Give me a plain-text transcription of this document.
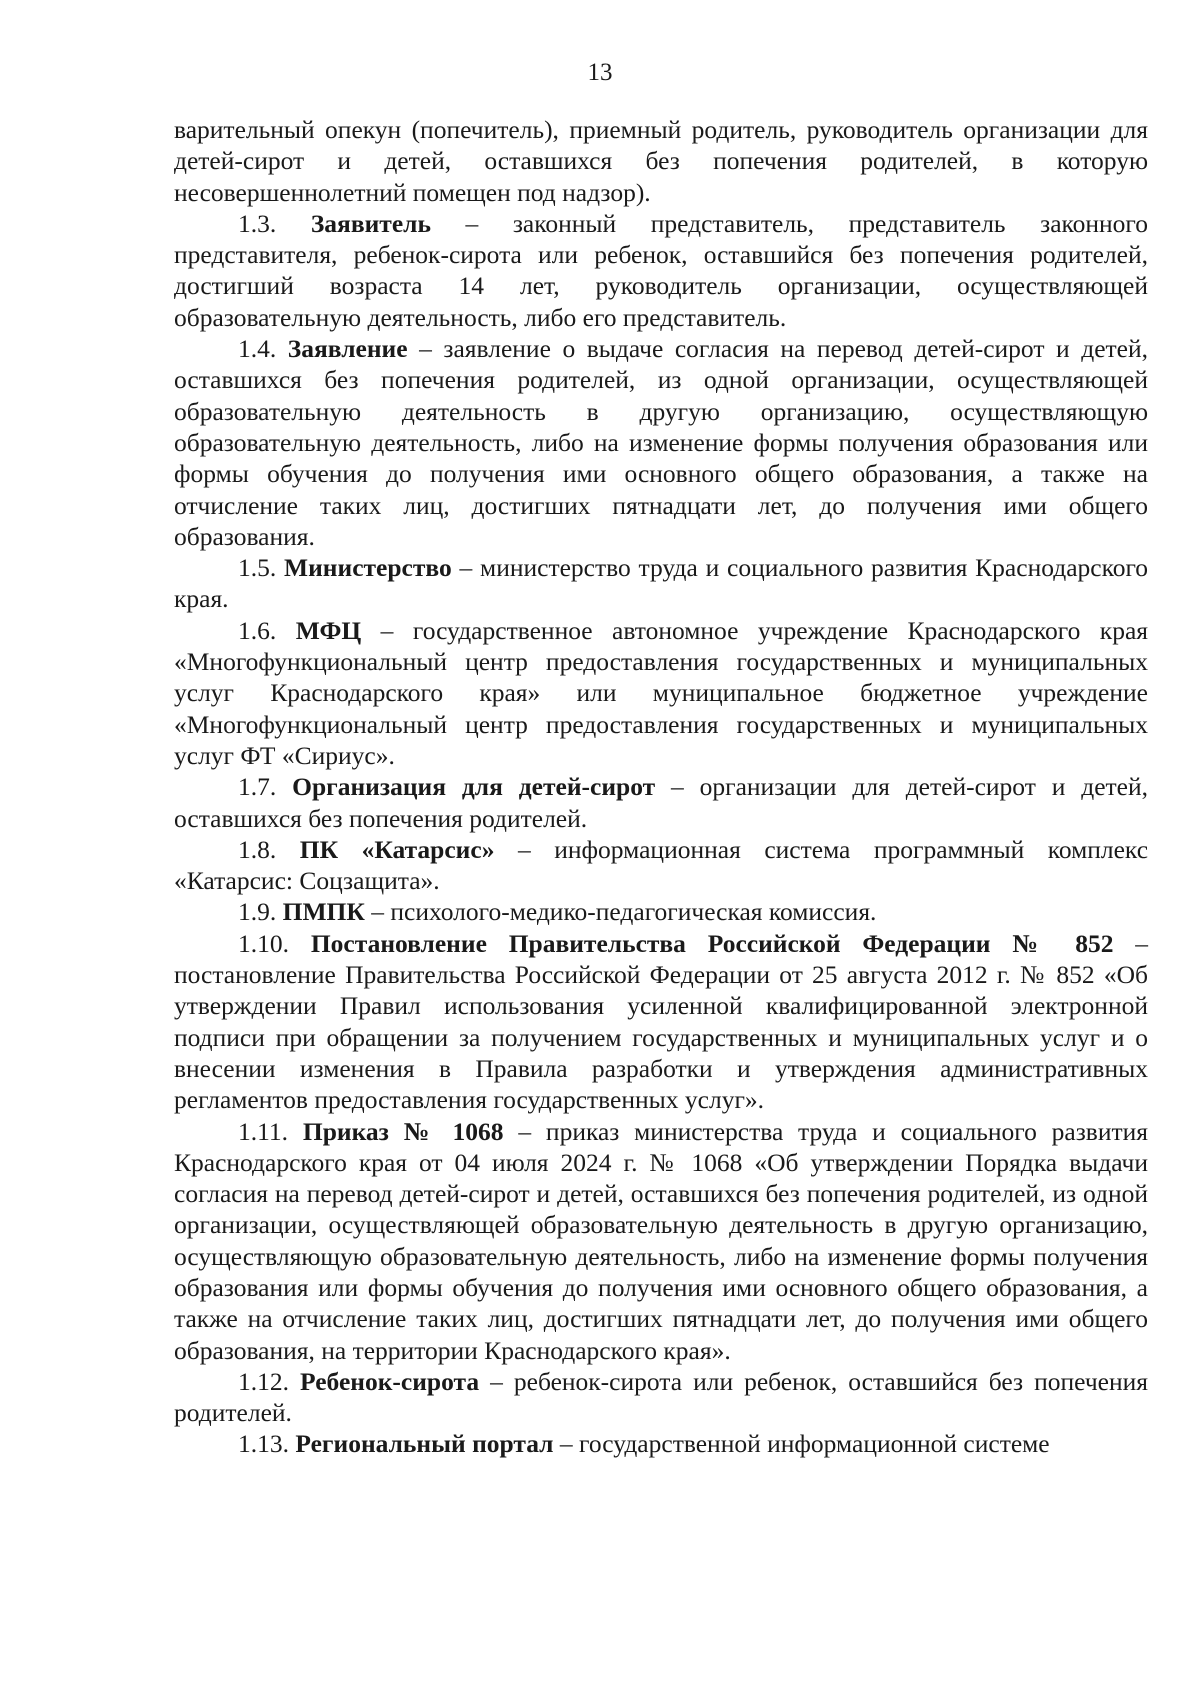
13

варительный опекун (попечитель), приемный родитель, руководитель организации для детей-сирот и детей, оставшихся без попечения родителей, в которую несовершеннолетний помещен под надзор).

1.3. Заявитель – законный представитель, представитель законного представителя, ребенок-сирота или ребенок, оставшийся без попечения родителей, достигший возраста 14 лет, руководитель организации, осуществляющей образовательную деятельность, либо его представитель.

1.4. Заявление – заявление о выдаче согласия на перевод детей-сирот и детей, оставшихся без попечения родителей, из одной организации, осуществляющей образовательную деятельность в другую организацию, осуществляющую образовательную деятельность, либо на изменение формы получения образования или формы обучения до получения ими основного общего образования, а также на отчисление таких лиц, достигших пятнадцати лет, до получения ими общего образования.

1.5. Министерство – министерство труда и социального развития Краснодарского края.

1.6. МФЦ – государственное автономное учреждение Краснодарского края «Многофункциональный центр предоставления государственных и муниципальных услуг Краснодарского края» или муниципальное бюджетное учреждение «Многофункциональный центр предоставления государственных и муниципальных услуг ФТ «Сириус».

1.7. Организация для детей-сирот – организации для детей-сирот и детей, оставшихся без попечения родителей.

1.8. ПК «Катарсис» – информационная система программный комплекс «Катарсис: Соцзащита».

1.9. ПМПК – психолого-медико-педагогическая комиссия.

1.10. Постановление Правительства Российской Федерации № 852 – постановление Правительства Российской Федерации от 25 августа 2012 г. № 852 «Об утверждении Правил использования усиленной квалифицированной электронной подписи при обращении за получением государственных и муниципальных услуг и о внесении изменения в Правила разработки и утверждения административных регламентов предоставления государственных услуг».

1.11. Приказ № 1068 – приказ министерства труда и социального развития Краснодарского края от 04 июля 2024 г. № 1068 «Об утверждении Порядка выдачи согласия на перевод детей-сирот и детей, оставшихся без попечения родителей, из одной организации, осуществляющей образовательную деятельность в другую организацию, осуществляющую образовательную деятельность, либо на изменение формы получения образования или формы обучения до получения ими основного общего образования, а также на отчисление таких лиц, достигших пятнадцати лет, до получения ими общего образования, на территории Краснодарского края».

1.12. Ребенок-сирота – ребенок-сирота или ребенок, оставшийся без попечения родителей.

1.13. Региональный портал – государственной информационной системе
